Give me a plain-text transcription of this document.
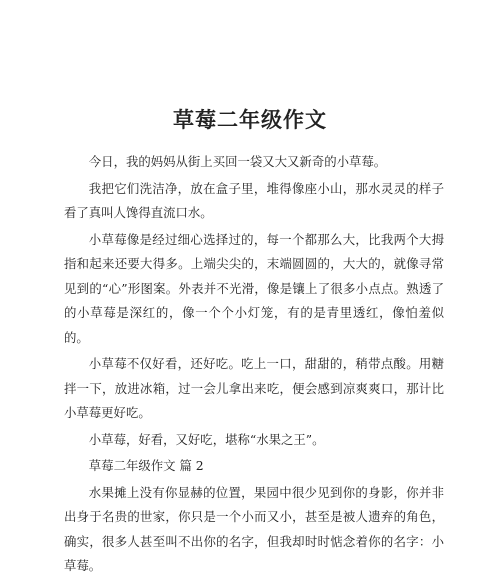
草莓二年级作文

今日，我的妈妈从街上买回一袋又大又新奇的小草莓。

我把它们洗洁净，放在盒子里，堆得像座小山，那水灵灵的样子看了真叫人馋得直流口水。

小草莓像是经过细心选择过的，每一个都那么大，比我两个大拇指和起来还要大得多。上端尖尖的，末端圆圆的，大大的，就像寻常见到的“心”形图案。外表并不光滑，像是镶上了很多小点点。熟透了的小草莓是深红的，像一个个小灯笼，有的是青里透红，像怕羞似的。

小草莓不仅好看，还好吃。吃上一口，甜甜的，稍带点酸。用糖拌一下，放进冰箱，过一会儿拿出来吃，便会感到凉爽爽口，那计比小草莓更好吃。

小草莓，好看，又好吃，堪称“水果之王”。

草莓二年级作文 篇 2

水果摊上没有你显赫的位置，果园中很少见到你的身影，你并非出身于名贵的世家，你只是一个小而又小，甚至是被人遗弃的角色，确实，很多人甚至叫不出你的名字，但我却时时惦念着你的名字：小草莓。
